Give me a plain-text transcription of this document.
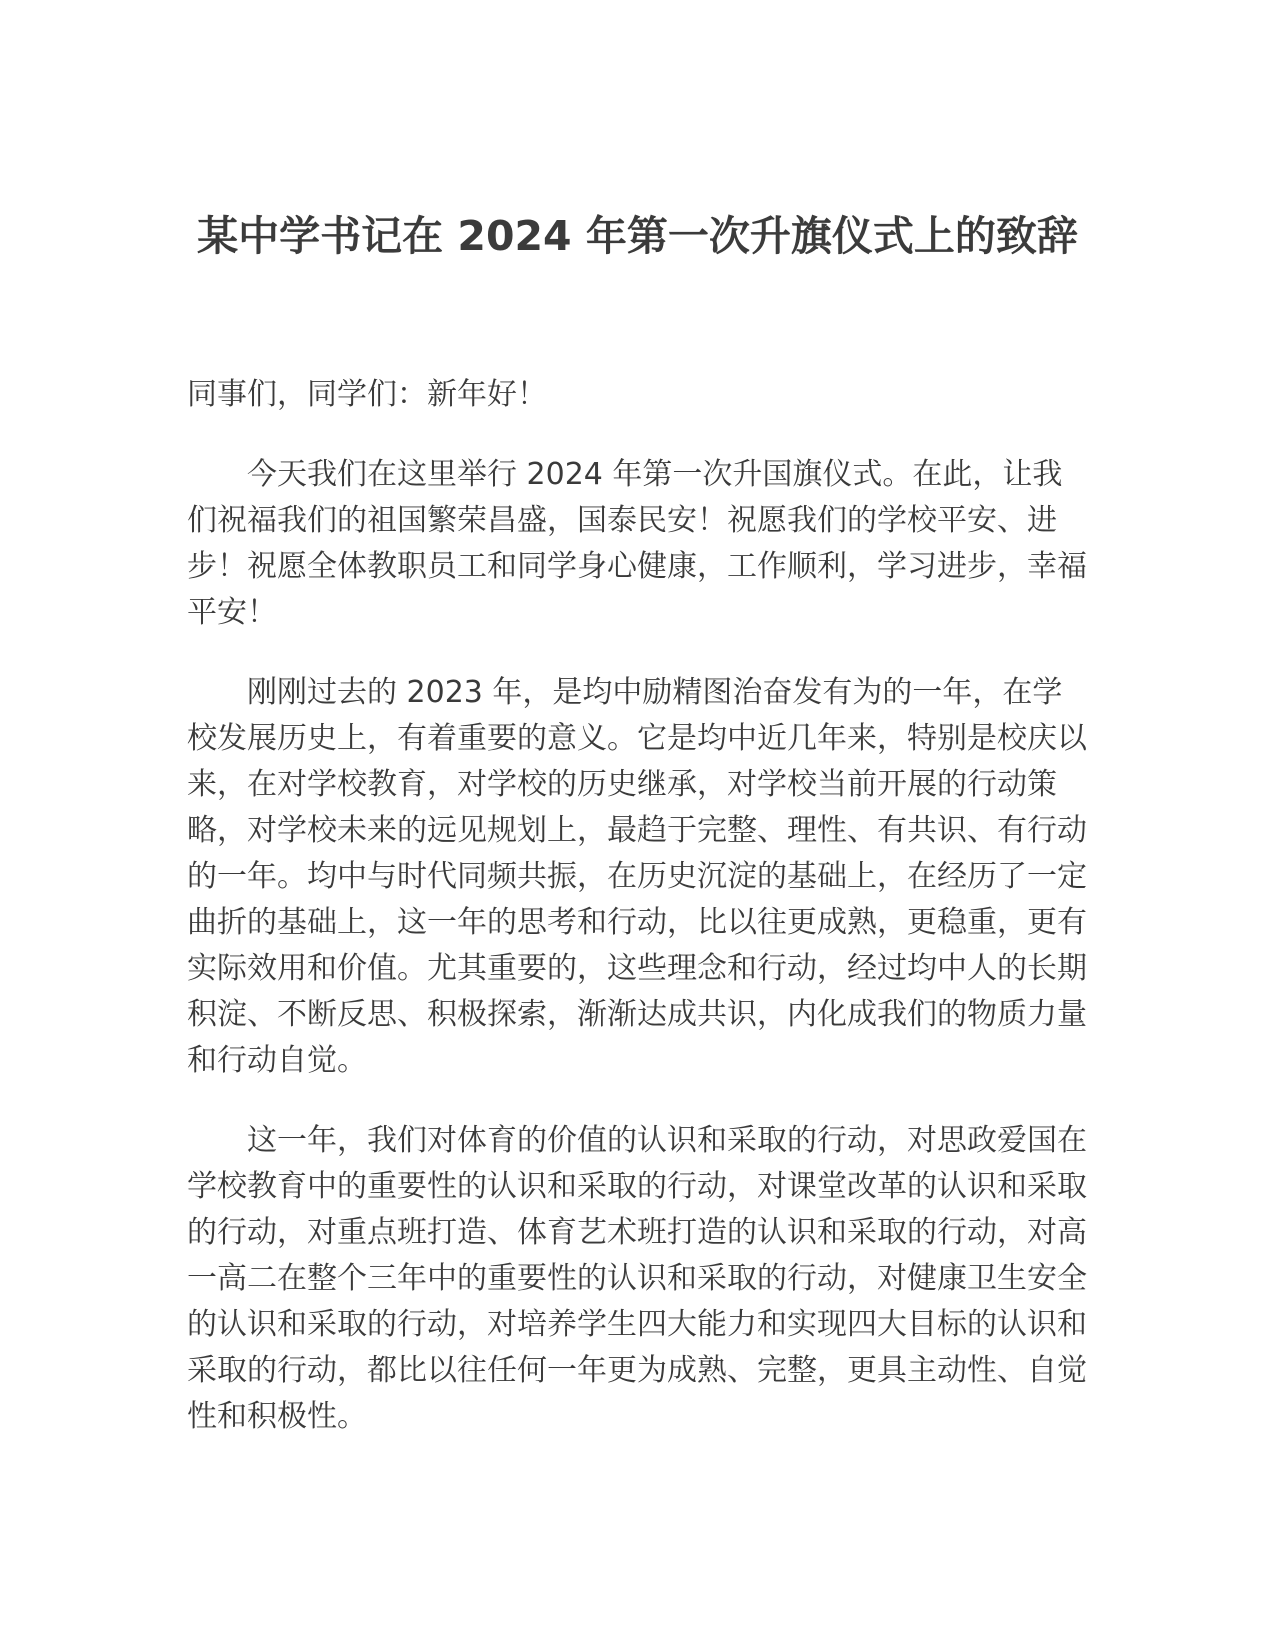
某中学书记在 2024 年第一次升旗仪式上的致辞

同事们，同学们：新年好！

今天我们在这里举行 2024 年第一次升国旗仪式。在此，让我们祝福我们的祖国繁荣昌盛，国泰民安！祝愿我们的学校平安、进步！祝愿全体教职员工和同学身心健康，工作顺利，学习进步，幸福平安！

刚刚过去的 2023 年，是均中励精图治奋发有为的一年，在学校发展历史上，有着重要的意义。它是均中近几年来，特别是校庆以来，在对学校教育，对学校的历史继承，对学校当前开展的行动策略，对学校未来的远见规划上，最趋于完整、理性、有共识、有行动的一年。均中与时代同频共振，在历史沉淀的基础上，在经历了一定曲折的基础上，这一年的思考和行动，比以往更成熟，更稳重，更有实际效用和价值。尤其重要的，这些理念和行动，经过均中人的长期积淀、不断反思、积极探索，渐渐达成共识，内化成我们的物质力量和行动自觉。

这一年，我们对体育的价值的认识和采取的行动，对思政爱国在学校教育中的重要性的认识和采取的行动，对课堂改革的认识和采取的行动，对重点班打造、体育艺术班打造的认识和采取的行动，对高一高二在整个三年中的重要性的认识和采取的行动，对健康卫生安全的认识和采取的行动，对培养学生四大能力和实现四大目标的认识和采取的行动，都比以往任何一年更为成熟、完整，更具主动性、自觉性和积极性。
